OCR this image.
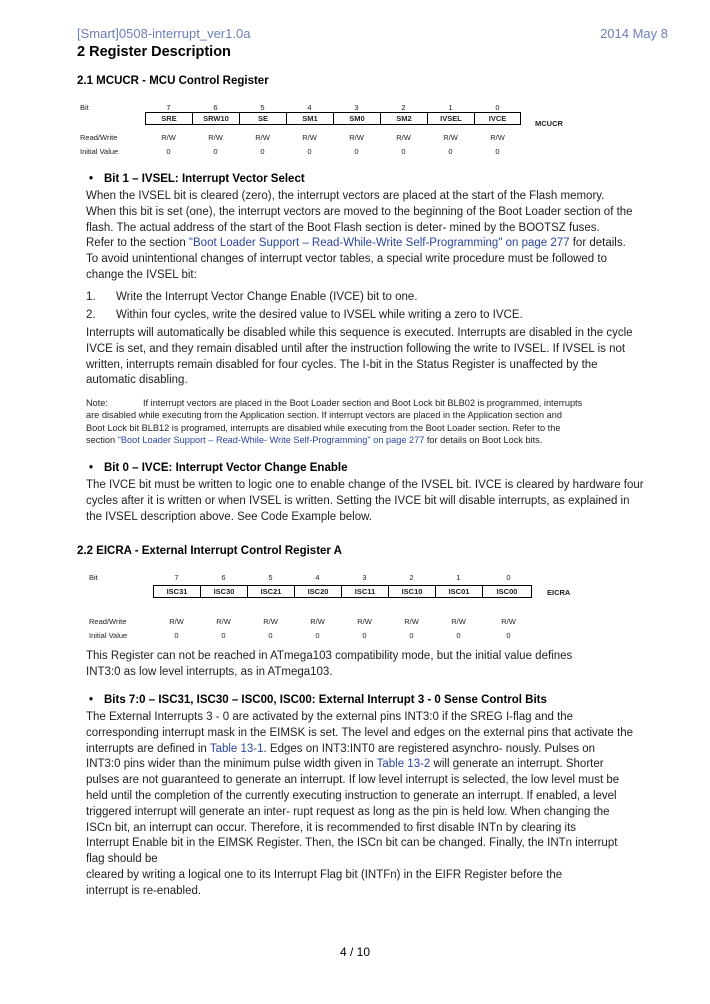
[Smart]0508-interrupt_ver1.0a	2014 May 8
2 Register Description
2.1 MCUCR - MCU Control Register
Bit	7	6	5	4	3	2	1	0
SRE	SRW10	SE	SM1	SM0	SM2	IVSEL	IVCE
MCUCR
Read/Write	R/W	R/W	R/W	R/W	R/W	R/W	R/W	R/W
Initial Value	0	0	0	0	0	0	0	0
• Bit 1 – IVSEL: Interrupt Vector Select
When the IVSEL bit is cleared (zero), the interrupt vectors are placed at the start of the Flash memory.
When this bit is set (one), the interrupt vectors are moved to the beginning of the Boot Loader section of the
flash. The actual address of the start of the Boot Flash section is deter- mined by the BOOTSZ fuses.
Refer to the section "Boot Loader Support – Read-While-Write Self-Programming" on page 277 for details.
To avoid unintentional changes of interrupt vector tables, a special write procedure must be followed to
change the IVSEL bit:
1. Write the Interrupt Vector Change Enable (IVCE) bit to one.
2. Within four cycles, write the desired value to IVSEL while writing a zero to IVCE.
Interrupts will automatically be disabled while this sequence is executed. Interrupts are disabled in the cycle
IVCE is set, and they remain disabled until after the instruction following the write to IVSEL. If IVSEL is not
written, interrupts remain disabled for four cycles. The I-bit in the Status Register is unaffected by the
automatic disabling.
Note:	If interrupt vectors are placed in the Boot Loader section and Boot Lock bit BLB02 is programmed, interrupts
are disabled while executing from the Application section. If interrupt vectors are placed in the Application section and
Boot Lock bit BLB12 is programed, interrupts are disabled while executing from the Boot Loader section. Refer to the
section "Boot Loader Support – Read-While- Write Self-Programming" on page 277 for details on Boot Lock bits.
• Bit 0 – IVCE: Interrupt Vector Change Enable
The IVCE bit must be written to logic one to enable change of the IVSEL bit. IVCE is cleared by hardware four
cycles after it is written or when IVSEL is written. Setting the IVCE bit will disable interrupts, as explained in
the IVSEL description above. See Code Example below.
2.2 EICRA - External Interrupt Control Register A
Bit	7	6	5	4	3	2	1	0
ISC31	ISC30	ISC21	ISC20	ISC11	ISC10	ISC01	ISC00	EICRA
Read/Write	R/W	R/W	R/W	R/W	R/W	R/W	R/W	R/W
Initial Value	0	0	0	0	0	0	0	0
This Register can not be reached in ATmega103 compatibility mode, but the initial value defines
INT3:0 as low level interrupts, as in ATmega103.
• Bits 7:0 – ISC31, ISC30 – ISC00, ISC00: External Interrupt 3 - 0 Sense Control Bits
The External Interrupts 3 - 0 are activated by the external pins INT3:0 if the SREG I-flag and the
corresponding interrupt mask in the EIMSK is set. The level and edges on the external pins that activate the
interrupts are defined in Table 13-1. Edges on INT3:INT0 are registered asynchro- nously. Pulses on
INT3:0 pins wider than the minimum pulse width given in Table 13-2 will generate an interrupt. Shorter
pulses are not guaranteed to generate an interrupt. If low level interrupt is selected, the low level must be
held until the completion of the currently executing instruction to generate an interrupt. If enabled, a level
triggered interrupt will generate an inter- rupt request as long as the pin is held low. When changing the
ISCn bit, an interrupt can occur. Therefore, it is recommended to first disable INTn by clearing its
Interrupt Enable bit in the EIMSK Register. Then, the ISCn bit can be changed. Finally, the INTn interrupt
flag should be
cleared by writing a logical one to its Interrupt Flag bit (INTFn) in the EIFR Register before the
interrupt is re-enabled.
4 / 10
